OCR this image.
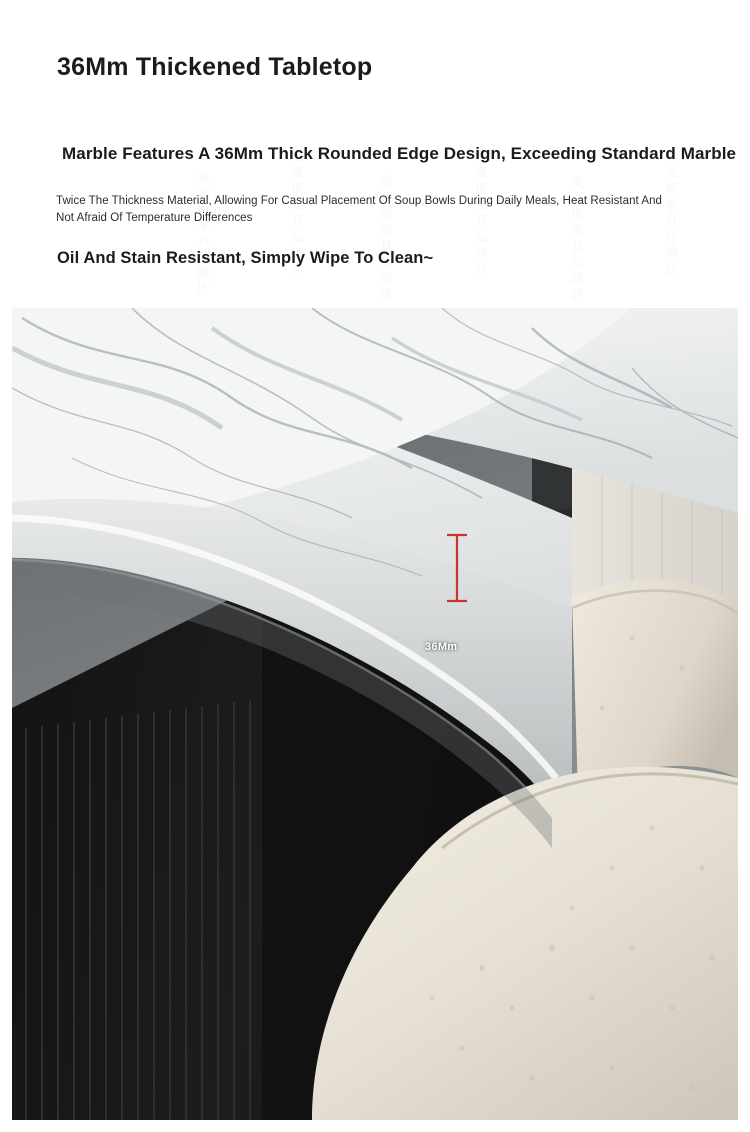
36Mm Thickened Tabletop
Marble Features A 36Mm Thick Rounded Edge Design, Exceeding Standard Marble
Twice The Thickness Material, Allowing For Casual Placement Of Soup Bowls During Daily Meals, Heat Resistant And Not Afraid Of Temperature Differences
Oil And Stain Resistant, Simply Wipe To Clean~
36Mm
